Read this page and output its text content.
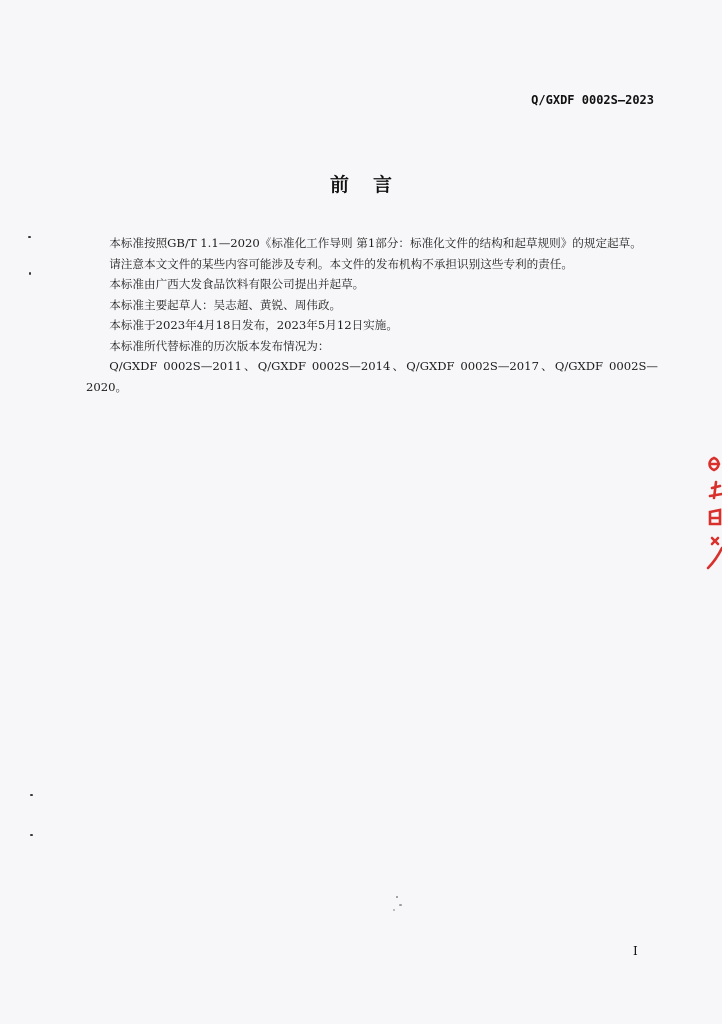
Q/GXDF 0002S—2023
前言

本标准按照GB/T 1.1—2020《标准化工作导则 第1部分：标准化文件的结构和起草规则》的规定起草。

请注意本文文件的某些内容可能涉及专利。本文件的发布机构不承担识别这些专利的责任。

本标准由广西大发食品饮料有限公司提出并起草。

本标准主要起草人：吴志超、黄锐、周伟政。

本标准于2023年4月18日发布，2023年5月12日实施。

本标准所代替标准的历次版本发布情况为：

Q/GXDF 0002S—2011、Q/GXDF 0002S—2014、Q/GXDF 0002S—2017、Q/GXDF 0002S—2020。

I
